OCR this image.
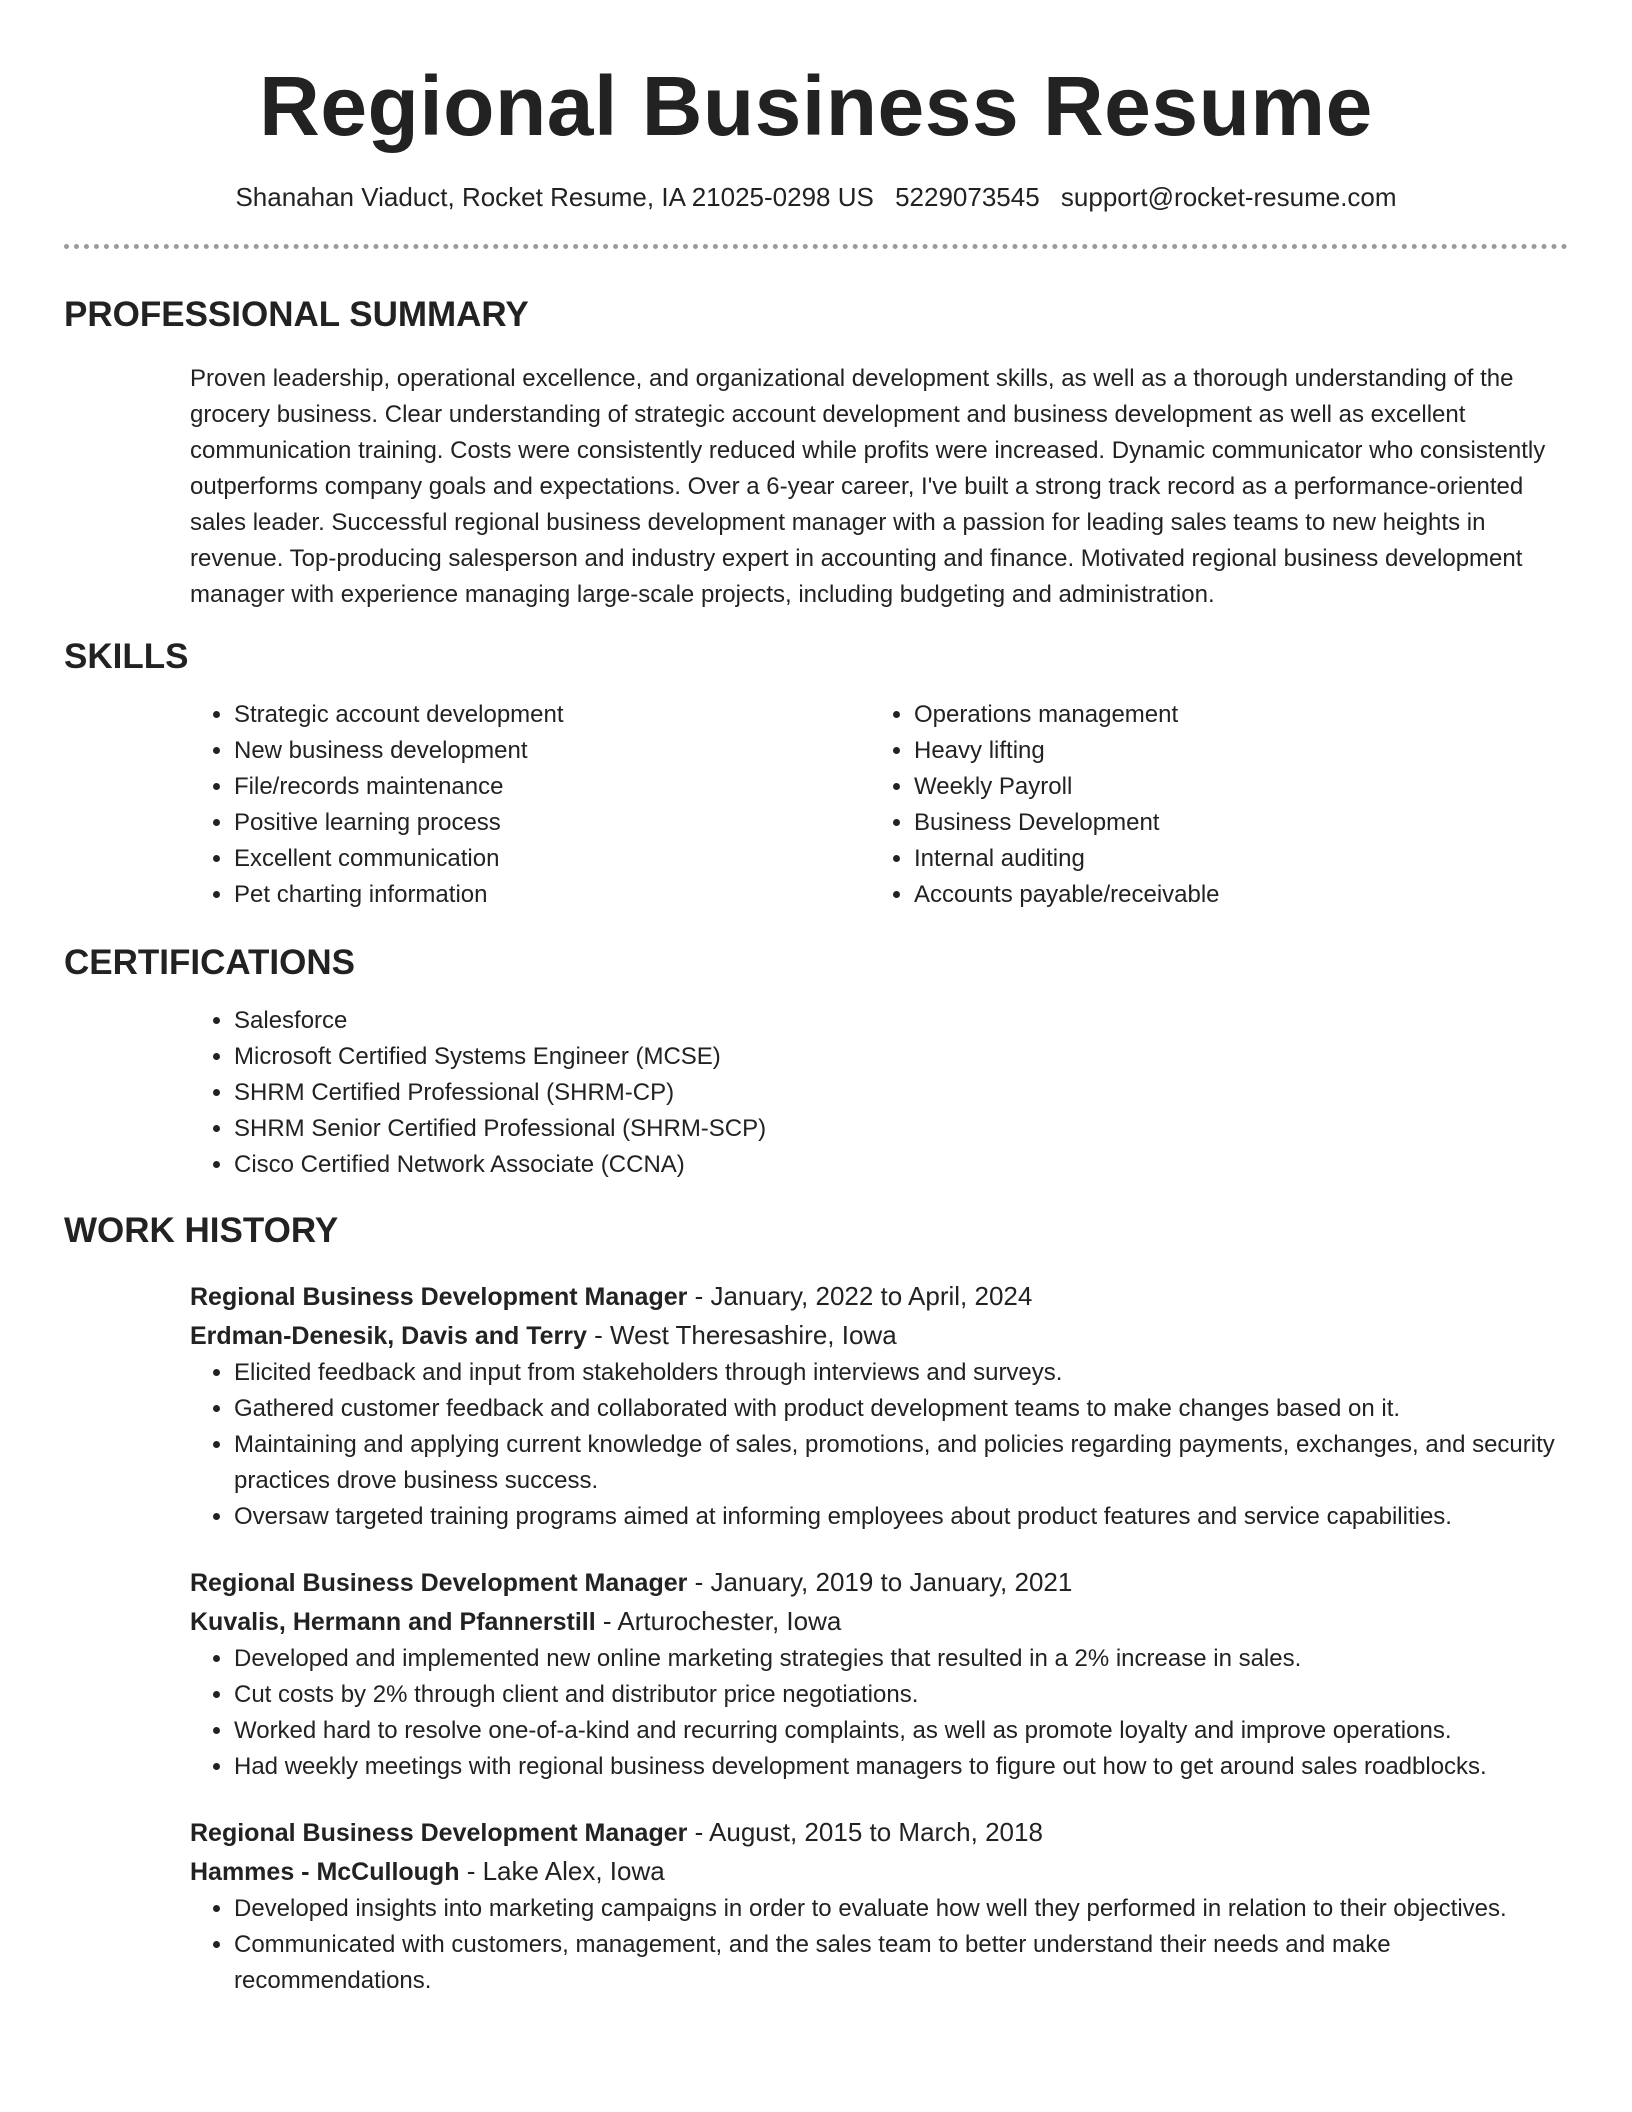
Regional Business Resume
Shanahan Viaduct, Rocket Resume, IA 21025-0298 US 5229073545 support@rocket-resume.com
PROFESSIONAL SUMMARY
Proven leadership, operational excellence, and organizational development skills, as well as a thorough understanding of the grocery business. Clear understanding of strategic account development and business development as well as excellent communication training. Costs were consistently reduced while profits were increased. Dynamic communicator who consistently outperforms company goals and expectations. Over a 6-year career, I've built a strong track record as a performance-oriented sales leader. Successful regional business development manager with a passion for leading sales teams to new heights in revenue. Top-producing salesperson and industry expert in accounting and finance. Motivated regional business development manager with experience managing large-scale projects, including budgeting and administration.
SKILLS
• Strategic account development
• New business development
• File/records maintenance
• Positive learning process
• Excellent communication
• Pet charting information
• Operations management
• Heavy lifting
• Weekly Payroll
• Business Development
• Internal auditing
• Accounts payable/receivable
CERTIFICATIONS
• Salesforce
• Microsoft Certified Systems Engineer (MCSE)
• SHRM Certified Professional (SHRM-CP)
• SHRM Senior Certified Professional (SHRM-SCP)
• Cisco Certified Network Associate (CCNA)
WORK HISTORY
Regional Business Development Manager - January, 2022 to April, 2024
Erdman-Denesik, Davis and Terry - West Theresashire, Iowa
• Elicited feedback and input from stakeholders through interviews and surveys.
• Gathered customer feedback and collaborated with product development teams to make changes based on it.
• Maintaining and applying current knowledge of sales, promotions, and policies regarding payments, exchanges, and security practices drove business success.
• Oversaw targeted training programs aimed at informing employees about product features and service capabilities.
Regional Business Development Manager - January, 2019 to January, 2021
Kuvalis, Hermann and Pfannerstill - Arturochester, Iowa
• Developed and implemented new online marketing strategies that resulted in a 2% increase in sales.
• Cut costs by 2% through client and distributor price negotiations.
• Worked hard to resolve one-of-a-kind and recurring complaints, as well as promote loyalty and improve operations.
• Had weekly meetings with regional business development managers to figure out how to get around sales roadblocks.
Regional Business Development Manager - August, 2015 to March, 2018
Hammes - McCullough - Lake Alex, Iowa
• Developed insights into marketing campaigns in order to evaluate how well they performed in relation to their objectives.
• Communicated with customers, management, and the sales team to better understand their needs and make recommendations.
